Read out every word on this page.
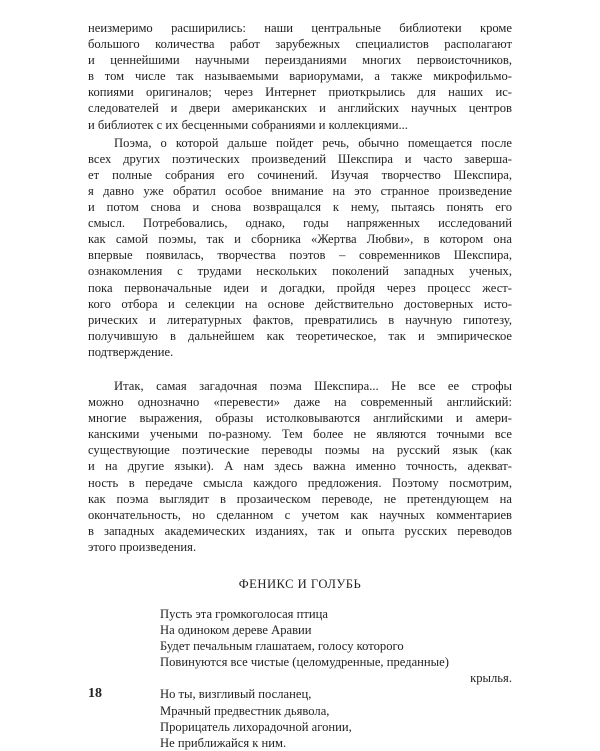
неизмеримо расширились: наши центральные библиотеки кроме
большого количества работ зарубежных специалистов располагают
и ценнейшими научными переизданиями многих первоисточников,
в том числе так называемыми вариорумами, а также микрофильмо-
копиями оригиналов; через Интернет приоткрылись для наших ис-
следователей и двери американских и английских научных центров
и библиотек с их бесценными собраниями и коллекциями...
Поэма, о которой дальше пойдет речь, обычно помещается после
всех других поэтических произведений Шекспира и часто завершa-
ет полные собрания его сочинений. Изучая творчество Шекспира,
я давно уже обратил особое внимание на это странное произведение
и потом снова и снова возвращался к нему, пытаясь понять его
смысл. Потребовались, однако, годы напряженных исследований
как самой поэмы, так и сборника «Жертва Любви», в котором она
впервые появилась, творчества поэтов – современников Шекспира,
ознакомления с трудами нескольких поколений западных ученых,
пока первоначальные идеи и догадки, пройдя через процесс жест-
кого отбора и селекции на основе действительно достоверных исто-
рических и литературных фактов, превратились в научную гипотезу,
получившую в дальнейшем как теоретическое, так и эмпирическое
подтверждение.
Итак, самая загадочная поэма Шекспира... Не все ее строфы
можно однозначно «перевести» даже на современный английский:
многие выражения, образы истолковываются английскими и амери-
канскими учеными по-разному. Тем более не являются точными все
существующие поэтические переводы поэмы на русский язык (как
и на другие языки). А нам здесь важна именно точность, адекват-
ность в передаче смысла каждого предложения. Поэтому посмотрим,
как поэма выглядит в прозаическом переводе, не претендующем на
окончательность, но сделанном с учетом как научных комментариев
в западных академических изданиях, так и опыта русских переводов
этого произведения.
ФЕНИКС И ГОЛУБЬ
Пусть эта громкоголосая птица
На одиноком дереве Аравии
Будет печальным глашатаем, голосу которого
Повинуются все чистые (целомудренные, преданные)
крылья.
Но ты, визгливый посланец,
Мрачный предвестник дьявола,
Прорицатель лихорадочной агонии,
Не приближайся к ним.
18
